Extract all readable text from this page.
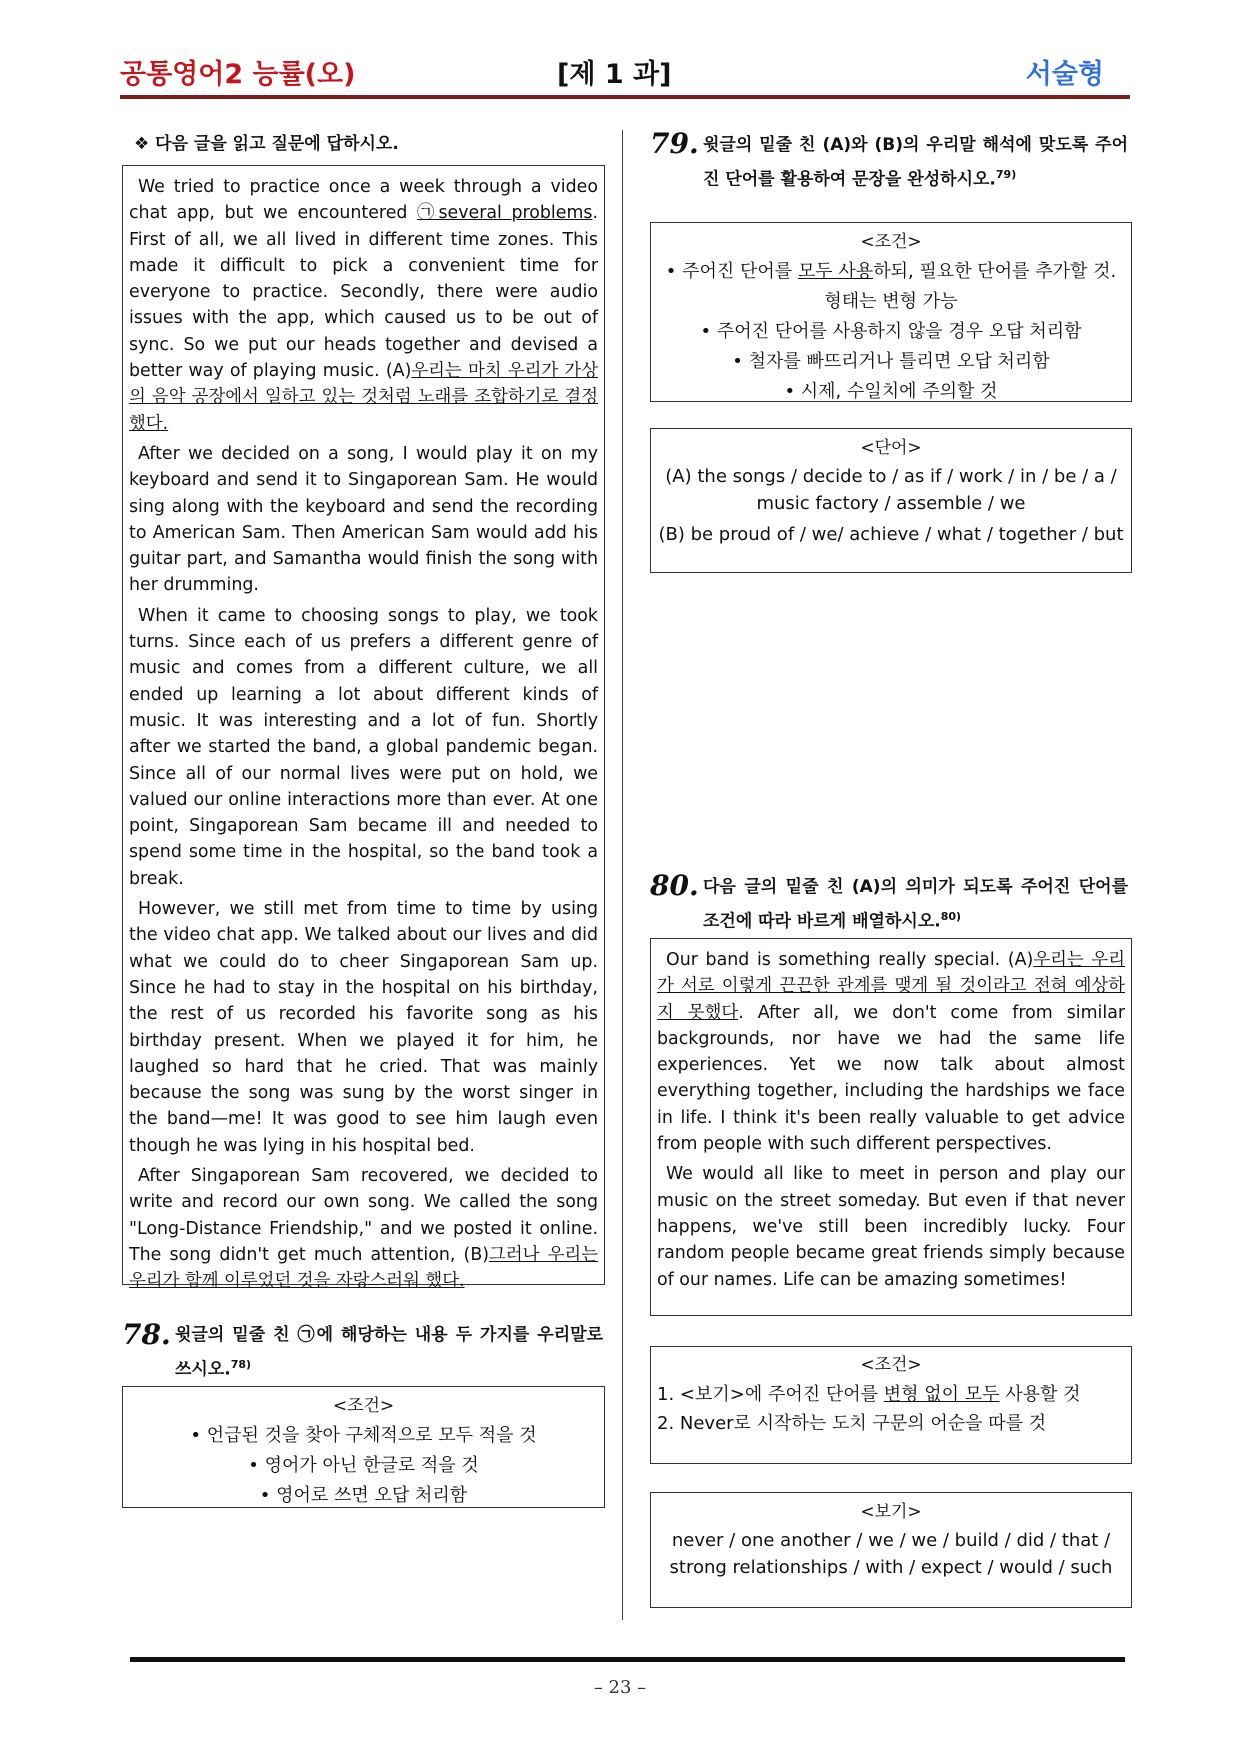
공통영어2 능률(오)	[제 1 과]	서술형
❖ 다음 글을 읽고 질문에 답하시오.

We tried to practice once a week through a video chat app, but we encountered ㉠several problems. First of all, we all lived in different time zones. This made it difficult to pick a convenient time for everyone to practice. Secondly, there were audio issues with the app, which caused us to be out of sync. So we put our heads together and devised a better way of playing music. (A)우리는 마치 우리가 가상의 음악 공장에서 일하고 있는 것처럼 노래를 조합하기로 결정 했다.

After we decided on a song, I would play it on my keyboard and send it to Singaporean Sam. He would sing along with the keyboard and send the recording to American Sam. Then American Sam would add his guitar part, and Samantha would finish the song with her drumming.

When it came to choosing songs to play, we took turns. Since each of us prefers a different genre of music and comes from a different culture, we all ended up learning a lot about different kinds of music. It was interesting and a lot of fun. Shortly after we started the band, a global pandemic began. Since all of our normal lives were put on hold, we valued our online interactions more than ever. At one point, Singaporean Sam became ill and needed to spend some time in the hospital, so the band took a break.

However, we still met from time to time by using the video chat app. We talked about our lives and did what we could do to cheer Singaporean Sam up. Since he had to stay in the hospital on his birthday, the rest of us recorded his favorite song as his birthday present. When we played it for him, he laughed so hard that he cried. That was mainly because the song was sung by the worst singer in the band—me! It was good to see him laugh even though he was lying in his hospital bed.

After Singaporean Sam recovered, we decided to write and record our own song. We called the song "Long-Distance Friendship," and we posted it online. The song didn't get much attention, (B)그러나 우리는 우리가 함께 이루었던 것을 자랑스러워 했다.

78. 윗글의 밑줄 친 ㉠에 해당하는 내용 두 가지를 우리말로 쓰시오.$^{78)}$
<조건>
• 언급된 것을 찾아 구체적으로 모두 적을 것
• 영어가 아닌 한글로 적을 것
• 영어로 쓰면 오답 처리함
79. 윗글의 밑줄 친 (A)와 (B)의 우리말 해석에 맞도록 주어진 단어를 활용하여 문장을 완성하시오.$^{79)}$
<조건>
• 주어진 단어를 모두 사용하되, 필요한 단어를 추가할 것. 형태는 변형 가능
• 주어진 단어를 사용하지 않을 경우 오답 처리함
• 철자를 빠뜨리거나 틀리면 오답 처리함
• 시제, 수일치에 주의할 것
<단어>
(A) the songs / decide to / as if / work / in / be / a / music factory / assemble / we
(B) be proud of / we/ achieve / what / together / but
80. 다음 글의 밑줄 친 (A)의 의미가 되도록 주어진 단어를 조건에 따라 바르게 배열하시오.$^{80)}$

Our band is something really special. (A)우리는 우리가 서로 이렇게 끈끈한 관계를 맺게 될 것이라고 전혀 예상하지 못했다. After all, we don't come from similar backgrounds, nor have we had the same life experiences. Yet we now talk about almost everything together, including the hardships we face in life. I think it's been really valuable to get advice from people with such different perspectives.

We would all like to meet in person and play our music on the street someday. But even if that never happens, we've still been incredibly lucky. Four random people became great friends simply because of our names. Life can be amazing sometimes!

<조건>
1. <보기>에 주어진 단어를 변형 없이 모두 사용할 것
2. Never로 시작하는 도치 구문의 어순을 따를 것
<보기>
never / one another / we / we / build / did / that / strong relationships / with / expect / would / such
– 23 –
